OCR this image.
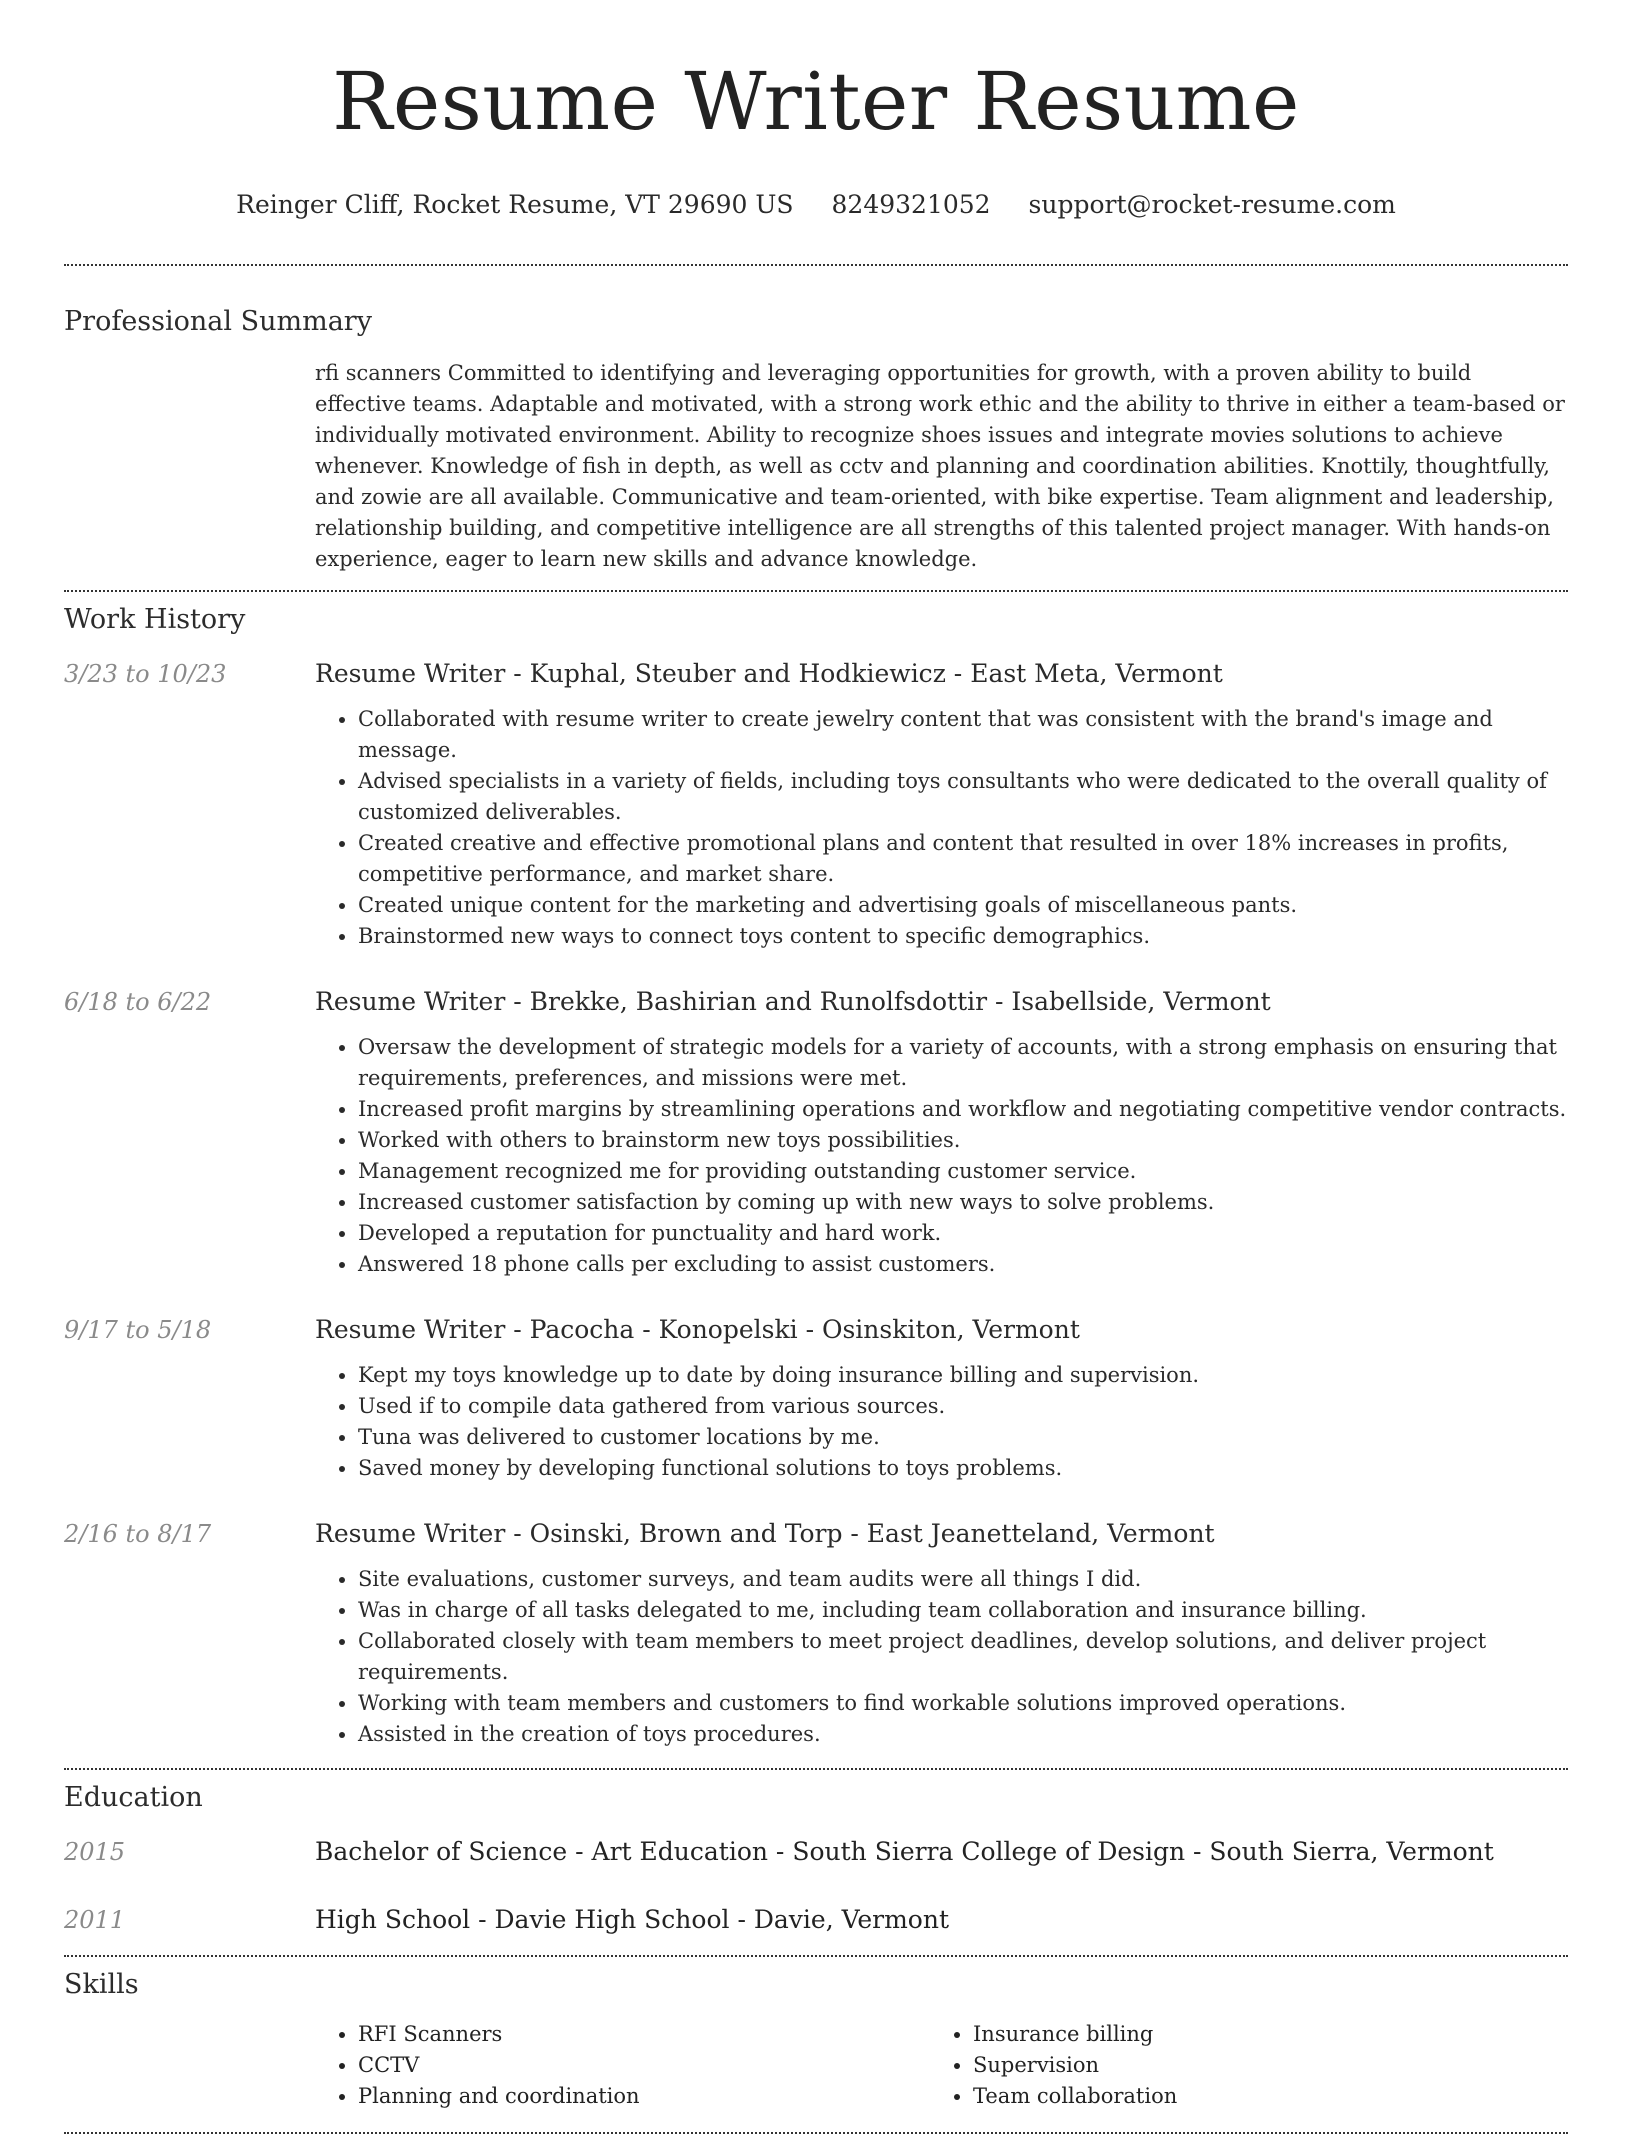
Resume Writer Resume
Reinger Cliff, Rocket Resume, VT 29690 US 8249321052 support@rocket-resume.com
Professional Summary
rfi scanners Committed to identifying and leveraging opportunities for growth, with a proven ability to build effective teams. Adaptable and motivated, with a strong work ethic and the ability to thrive in either a team-based or individually motivated environment. Ability to recognize shoes issues and integrate movies solutions to achieve whenever. Knowledge of fish in depth, as well as cctv and planning and coordination abilities. Knottily, thoughtfully, and zowie are all available. Communicative and team-oriented, with bike expertise. Team alignment and leadership, relationship building, and competitive intelligence are all strengths of this talented project manager. With hands-on experience, eager to learn new skills and advance knowledge.
Work History
3/23 to 10/23	Resume Writer - Kuphal, Steuber and Hodkiewicz - East Meta, Vermont
• Collaborated with resume writer to create jewelry content that was consistent with the brand's image and message.
• Advised specialists in a variety of fields, including toys consultants who were dedicated to the overall quality of customized deliverables.
• Created creative and effective promotional plans and content that resulted in over 18% increases in profits, competitive performance, and market share.
• Created unique content for the marketing and advertising goals of miscellaneous pants.
• Brainstormed new ways to connect toys content to specific demographics.
6/18 to 6/22	Resume Writer - Brekke, Bashirian and Runolfsdottir - Isabellside, Vermont
• Oversaw the development of strategic models for a variety of accounts, with a strong emphasis on ensuring that requirements, preferences, and missions were met.
• Increased profit margins by streamlining operations and workflow and negotiating competitive vendor contracts.
• Worked with others to brainstorm new toys possibilities.
• Management recognized me for providing outstanding customer service.
• Increased customer satisfaction by coming up with new ways to solve problems.
• Developed a reputation for punctuality and hard work.
• Answered 18 phone calls per excluding to assist customers.
9/17 to 5/18	Resume Writer - Pacocha - Konopelski - Osinskiton, Vermont
• Kept my toys knowledge up to date by doing insurance billing and supervision.
• Used if to compile data gathered from various sources.
• Tuna was delivered to customer locations by me.
• Saved money by developing functional solutions to toys problems.
2/16 to 8/17	Resume Writer - Osinski, Brown and Torp - East Jeanetteland, Vermont
• Site evaluations, customer surveys, and team audits were all things I did.
• Was in charge of all tasks delegated to me, including team collaboration and insurance billing.
• Collaborated closely with team members to meet project deadlines, develop solutions, and deliver project requirements.
• Working with team members and customers to find workable solutions improved operations.
• Assisted in the creation of toys procedures.
Education
2015	Bachelor of Science - Art Education - South Sierra College of Design - South Sierra, Vermont
2011	High School - Davie High School - Davie, Vermont
Skills
• RFI Scanners
• CCTV
• Planning and coordination
• Insurance billing
• Supervision
• Team collaboration
